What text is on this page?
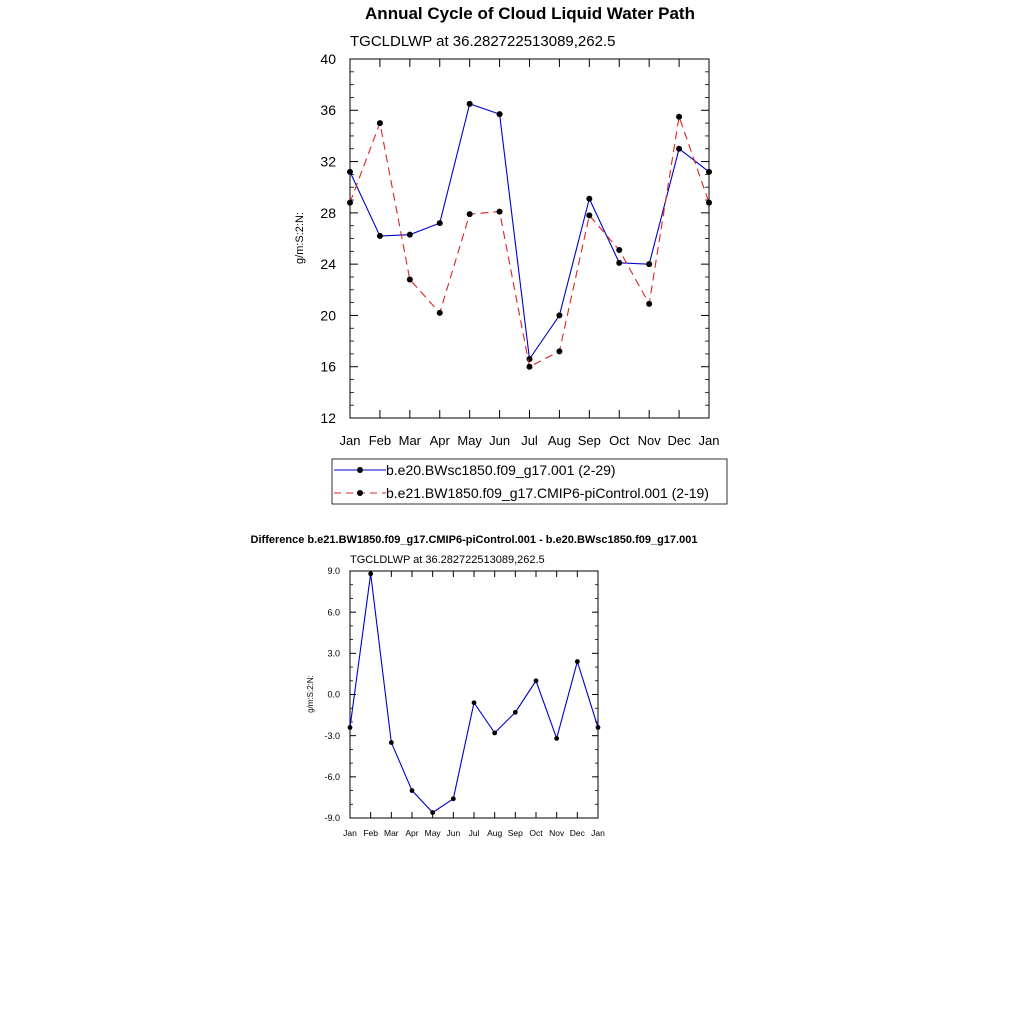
Annual Cycle of Cloud Liquid Water Path
TGCLDLWP at 36.282722513089,262.5
g/m:S:2:N:
Difference b.e21.BW1850.f09_g17.CMIP6-piControl.001 - b.e20.BWsc1850.f09_g17.001
TGCLDLWP at 36.282722513089,262.5
g/m:S:2:N:
12
16
20
24
28
32
36
40
Jan Feb Mar Apr May Jun Jul Aug Sep Oct Nov Dec Jan
-9.0
-6.0
-3.0
0.0
3.0
6.0
9.0
Jan Feb Mar Apr May Jun Jul Aug Sep Oct Nov Dec Jan
b.e20.BWsc1850.f09_g17.001 (2-29)
b.e21.BW1850.f09_g17.CMIP6-piControl.001 (2-19)
